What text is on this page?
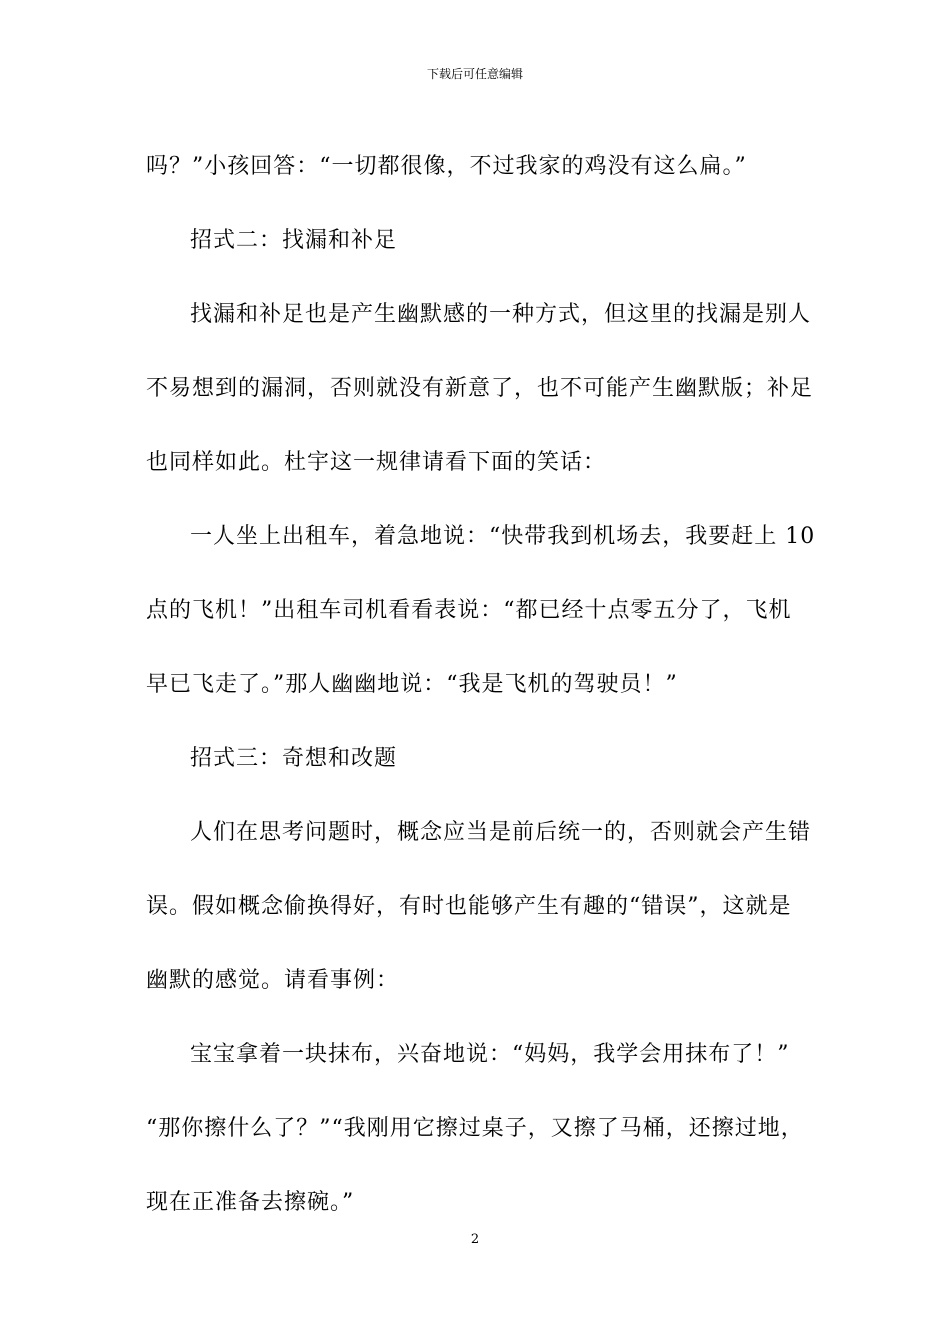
下载后可任意编辑
吗？”小孩回答：“一切都很像，不过我家的鸡没有这么扁。”
招式二：找漏和补足
找漏和补足也是产生幽默感的一种方式，但这里的找漏是别人
不易想到的漏洞，否则就没有新意了，也不可能产生幽默版；补足
也同样如此。杜宇这一规律请看下面的笑话：
一人坐上出租车，着急地说：“快带我到机场去，我要赶上 10
点的飞机！”出租车司机看看表说：“都已经十点零五分了，飞机
早已飞走了。”那人幽幽地说：“我是飞机的驾驶员！”
招式三：奇想和改题
人们在思考问题时，概念应当是前后统一的，否则就会产生错
误。假如概念偷换得好，有时也能够产生有趣的“错误”，这就是
幽默的感觉。请看事例：
宝宝拿着一块抹布，兴奋地说：“妈妈，我学会用抹布了！”
“那你擦什么了？”“我刚用它擦过桌子，又擦了马桶，还擦过地，
现在正准备去擦碗。”
2
